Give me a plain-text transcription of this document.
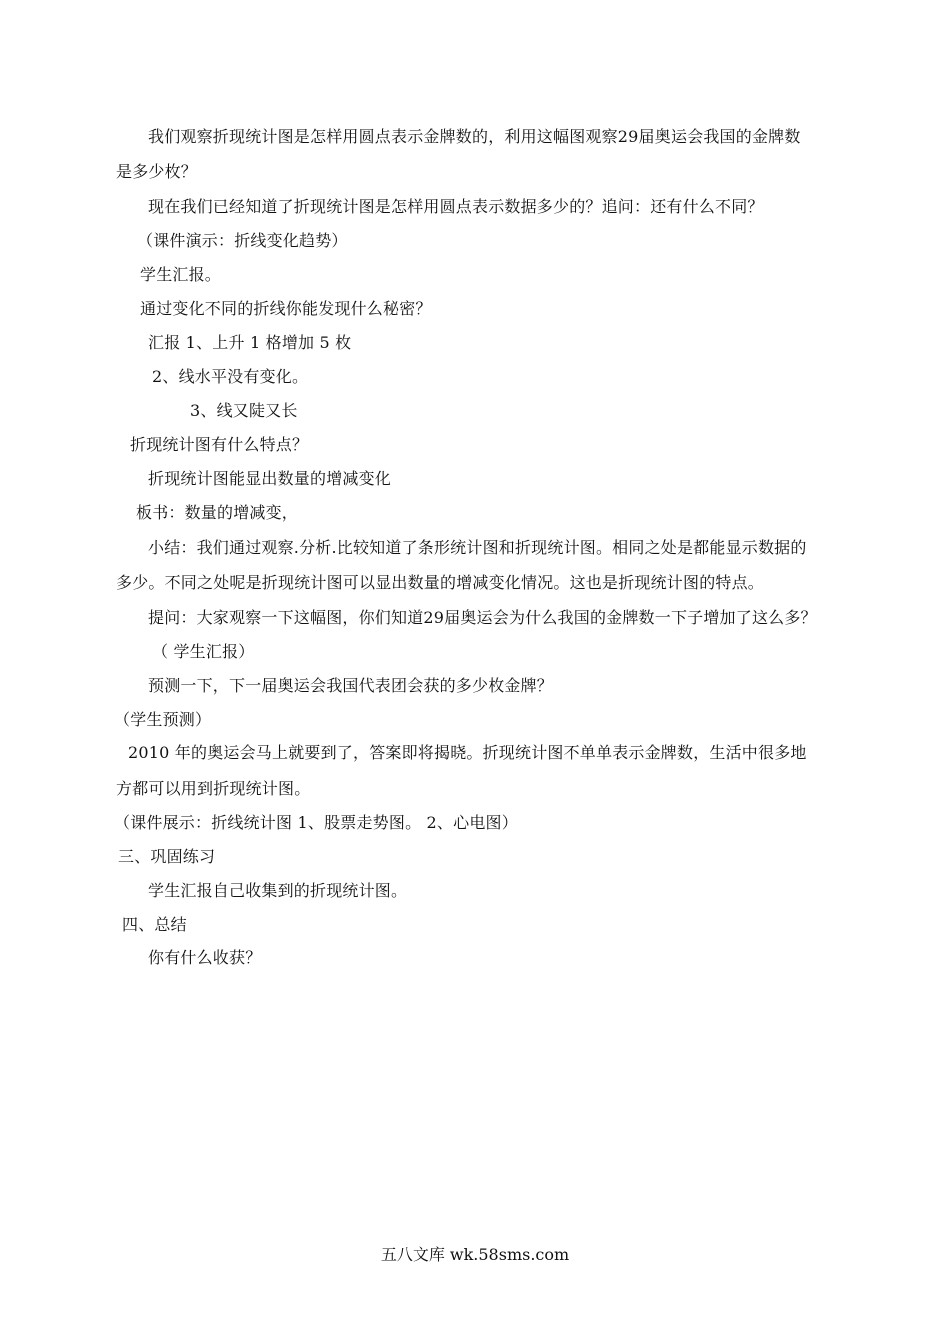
我们观察折现统计图是怎样用圆点表示金牌数的，利用这幅图观察29届奥运会我国的金牌数
是多少枚？
现在我们已经知道了折现统计图是怎样用圆点表示数据多少的？追问：还有什么不同？
（课件演示：折线变化趋势）
学生汇报。
通过变化不同的折线你能发现什么秘密？
汇报 1、上升 1 格增加 5 枚
2、线水平没有变化。
3、线又陡又长
折现统计图有什么特点？
折现统计图能显出数量的增减变化
板书：数量的增减变，
小结：我们通过观察.分析.比较知道了条形统计图和折现统计图。相同之处是都能显示数据的
多少。不同之处呢是折现统计图可以显出数量的增减变化情况。这也是折现统计图的特点。
提问：大家观察一下这幅图，你们知道29届奥运会为什么我国的金牌数一下子增加了这么多？
（ 学生汇报）
预测一下，下一届奥运会我国代表团会获的多少枚金牌？
（学生预测）
2010 年的奥运会马上就要到了，答案即将揭晓。折现统计图不单单表示金牌数，生活中很多地
方都可以用到折现统计图。
（课件展示：折线统计图 1、股票走势图。 2、心电图）
三、巩固练习
学生汇报自己收集到的折现统计图。
四、总结
你有什么收获？
五八文库 wk.58sms.com
